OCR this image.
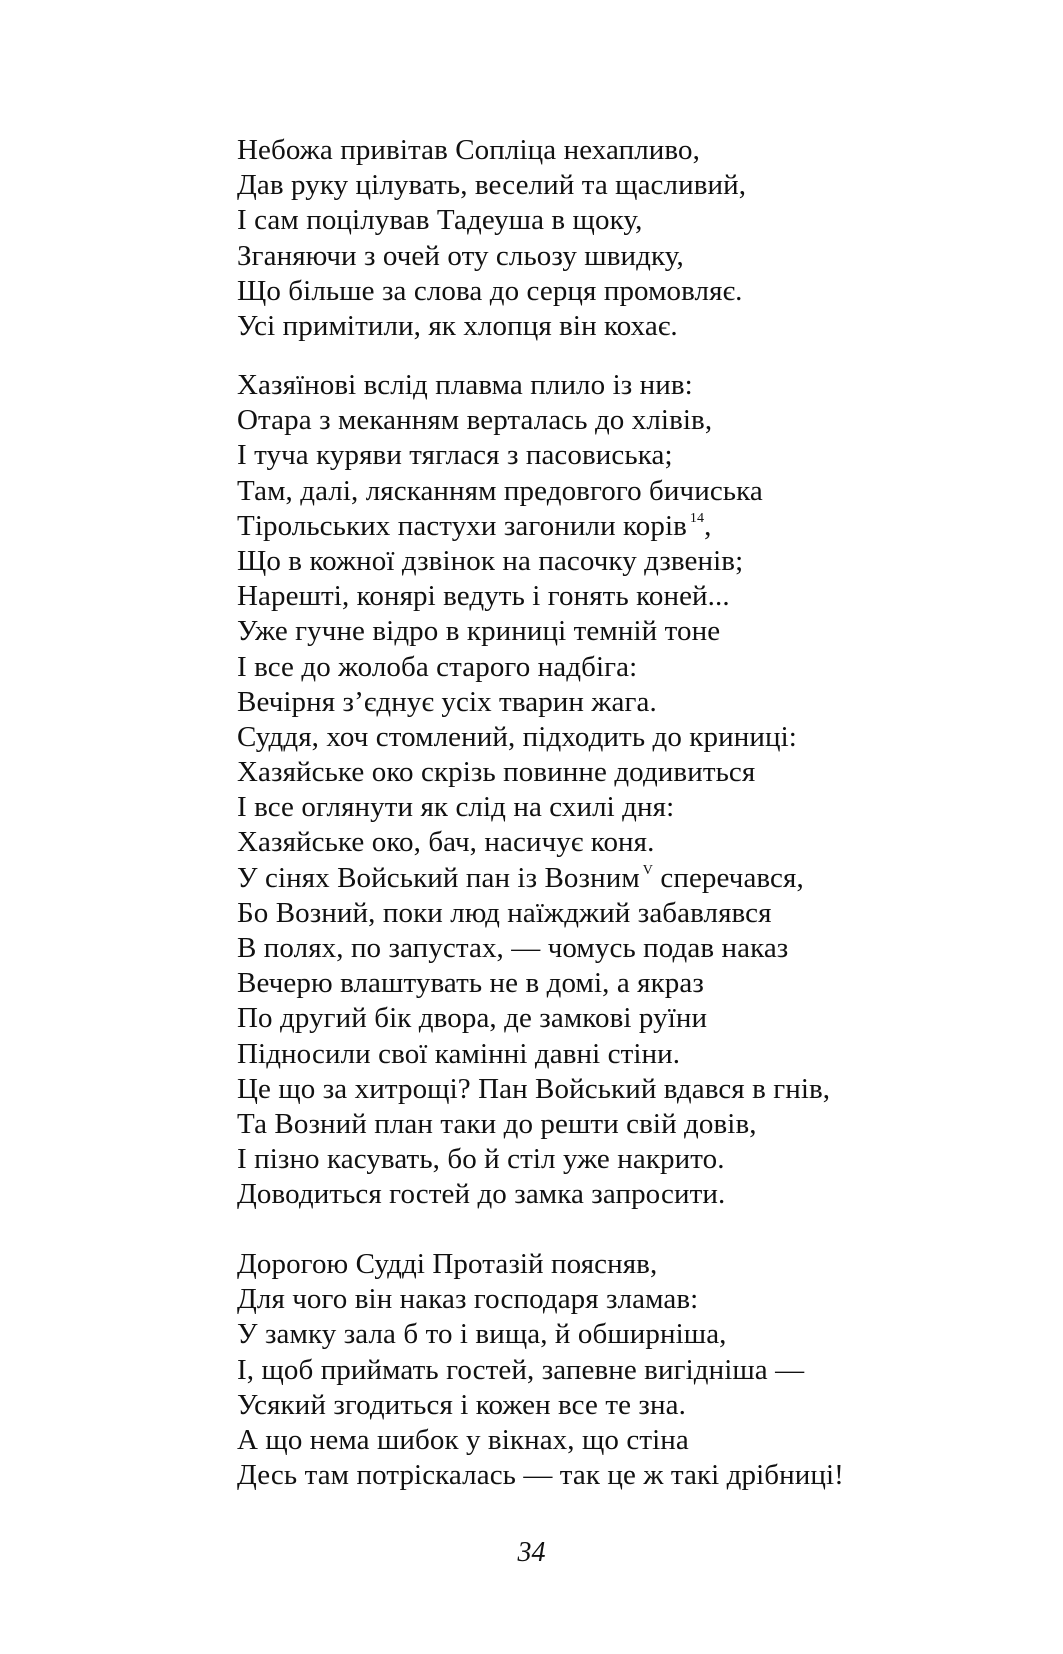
Небожа привітав Сопліца нехапливо,
Дав руку цілувать, веселий та щасливий,
І сам поцілував Тадеуша в щоку,
Зганяючи з очей оту сльозу швидку,
Що більше за слова до серця промовляє.
Усі примітили, як хлопця він кохає.
Хазяїнові вслід плавма плило із нив:
Отара з меканням верталась до хлівів,
І туча куряви тяглася з пасовиська;
Там, далі, лясканням предовгого бичиська
Тірольських пастухи загонили корів $^{14}$,
Що в кожної дзвінок на пасочку дзвенів;
Нарешті, конярі ведуть і гонять коней...
Уже гучне відро в криниці темній тоне
І все до жолоба старого надбіга:
Вечірня з’єднує усіх тварин жага.
Суддя, хоч стомлений, підходить до криниці:
Хазяйське око скрізь повинне додивиться
І все оглянути як слід на схилі дня:
Хазяйське око, бач, насичує коня.
У сінях Войський пан із Возним $^V$ сперечався,
Бо Возний, поки люд наїжджий забавлявся
В полях, по запустах, — чомусь подав наказ
Вечерю влаштувать не в домі, а якраз
По другий бік двора, де замкові руїни
Підносили свої камінні давні стіни.
Це що за хитрощі? Пан Войський вдався в гнів,
Та Возний план таки до решти свій довів,
І пізно касувать, бо й стіл уже накрито.
Доводиться гостей до замка запросити.
Дорогою Судді Протазій поясняв,
Для чого він наказ господаря зламав:
У замку зала б то і вища, й обширніша,
І, щоб приймать гостей, запевне вигідніша —
Усякий згодиться і кожен все те зна.
А що нема шибок у вікнах, що стіна
Десь там потріскалась — так це ж такі дрібниці!
34
